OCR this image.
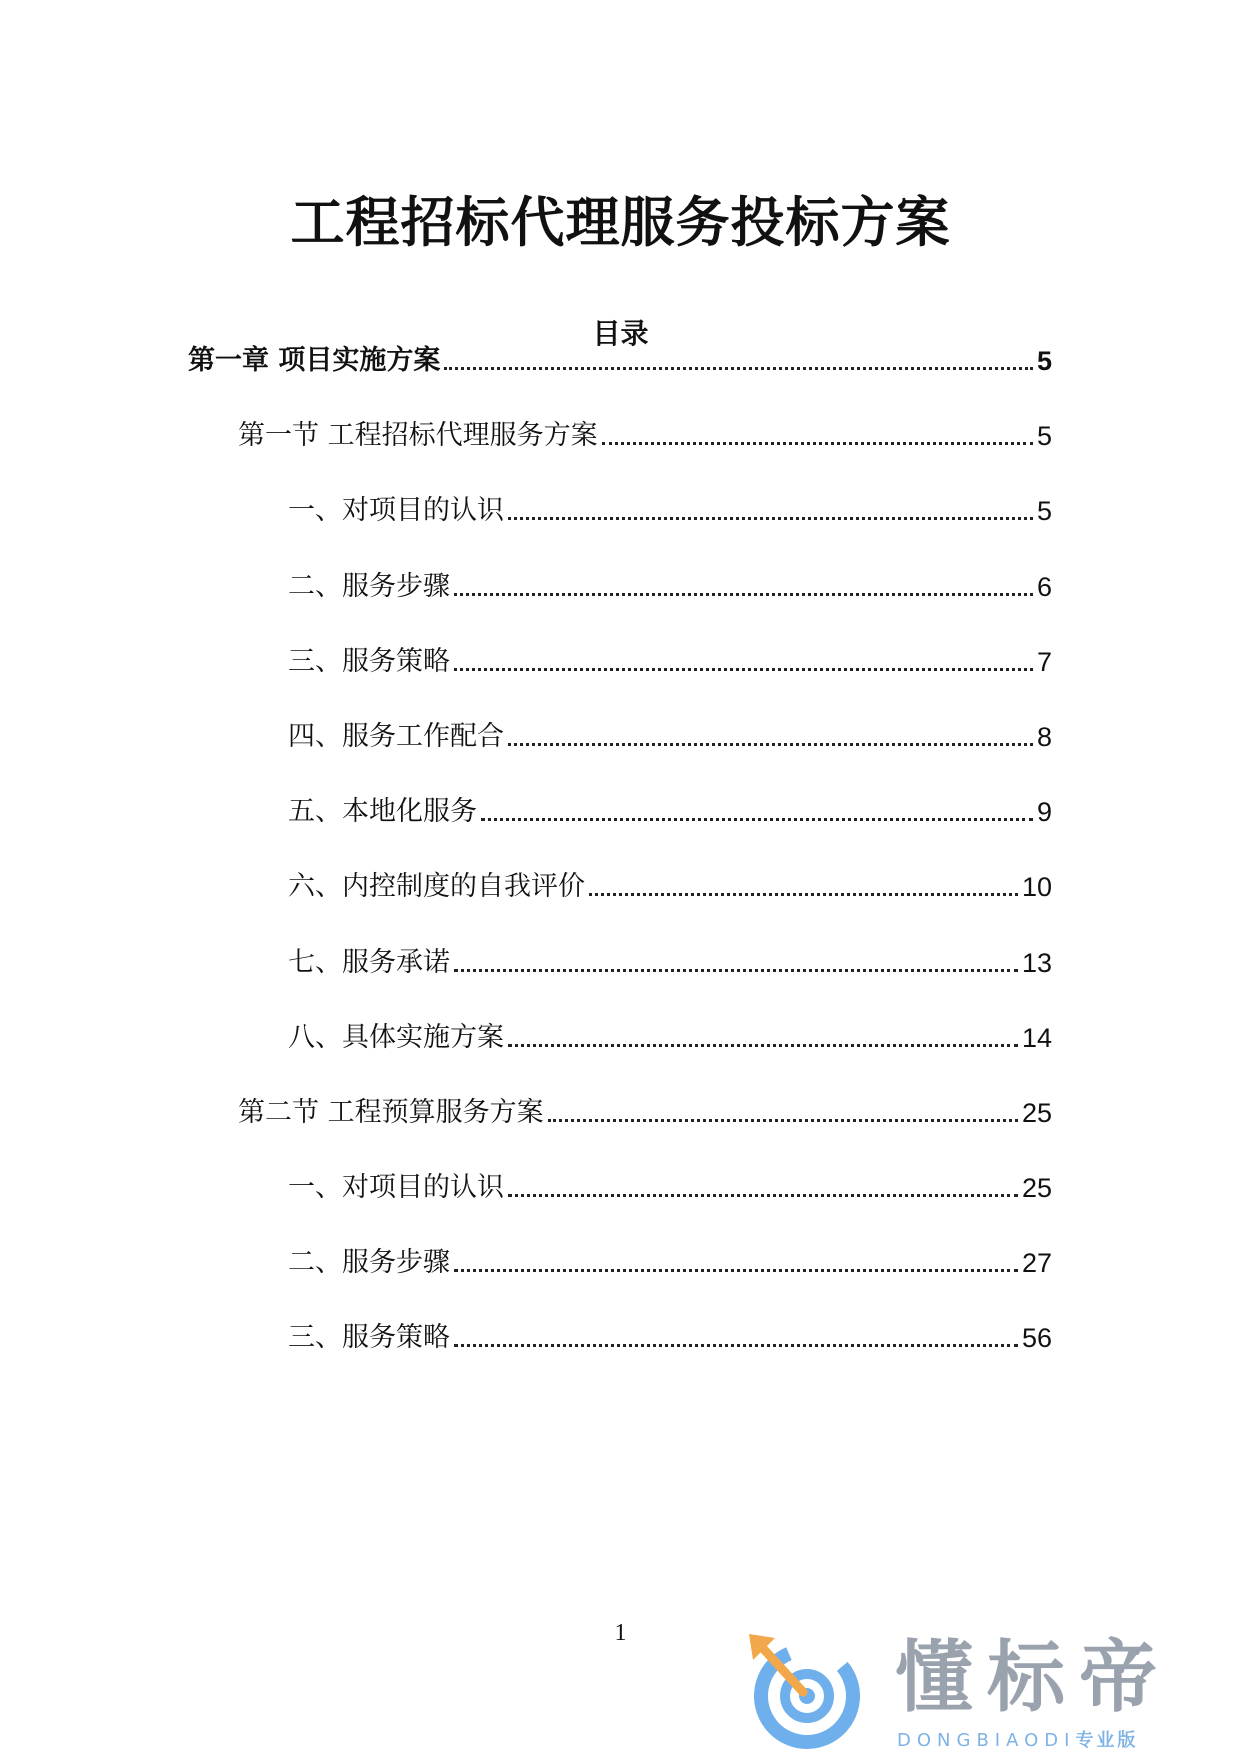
工程招标代理服务投标方案
目录
第一章 项目实施方案	5
第一节 工程招标代理服务方案	5
一、对项目的认识	5
二、服务步骤	6
三、服务策略	7
四、服务工作配合	8
五、本地化服务	9
六、内控制度的自我评价	10
七、服务承诺	13
八、具体实施方案	14
第二节 工程预算服务方案	25
一、对项目的认识	25
二、服务步骤	27
三、服务策略	56
1	懂标帝
DONGBIAODI专业版
